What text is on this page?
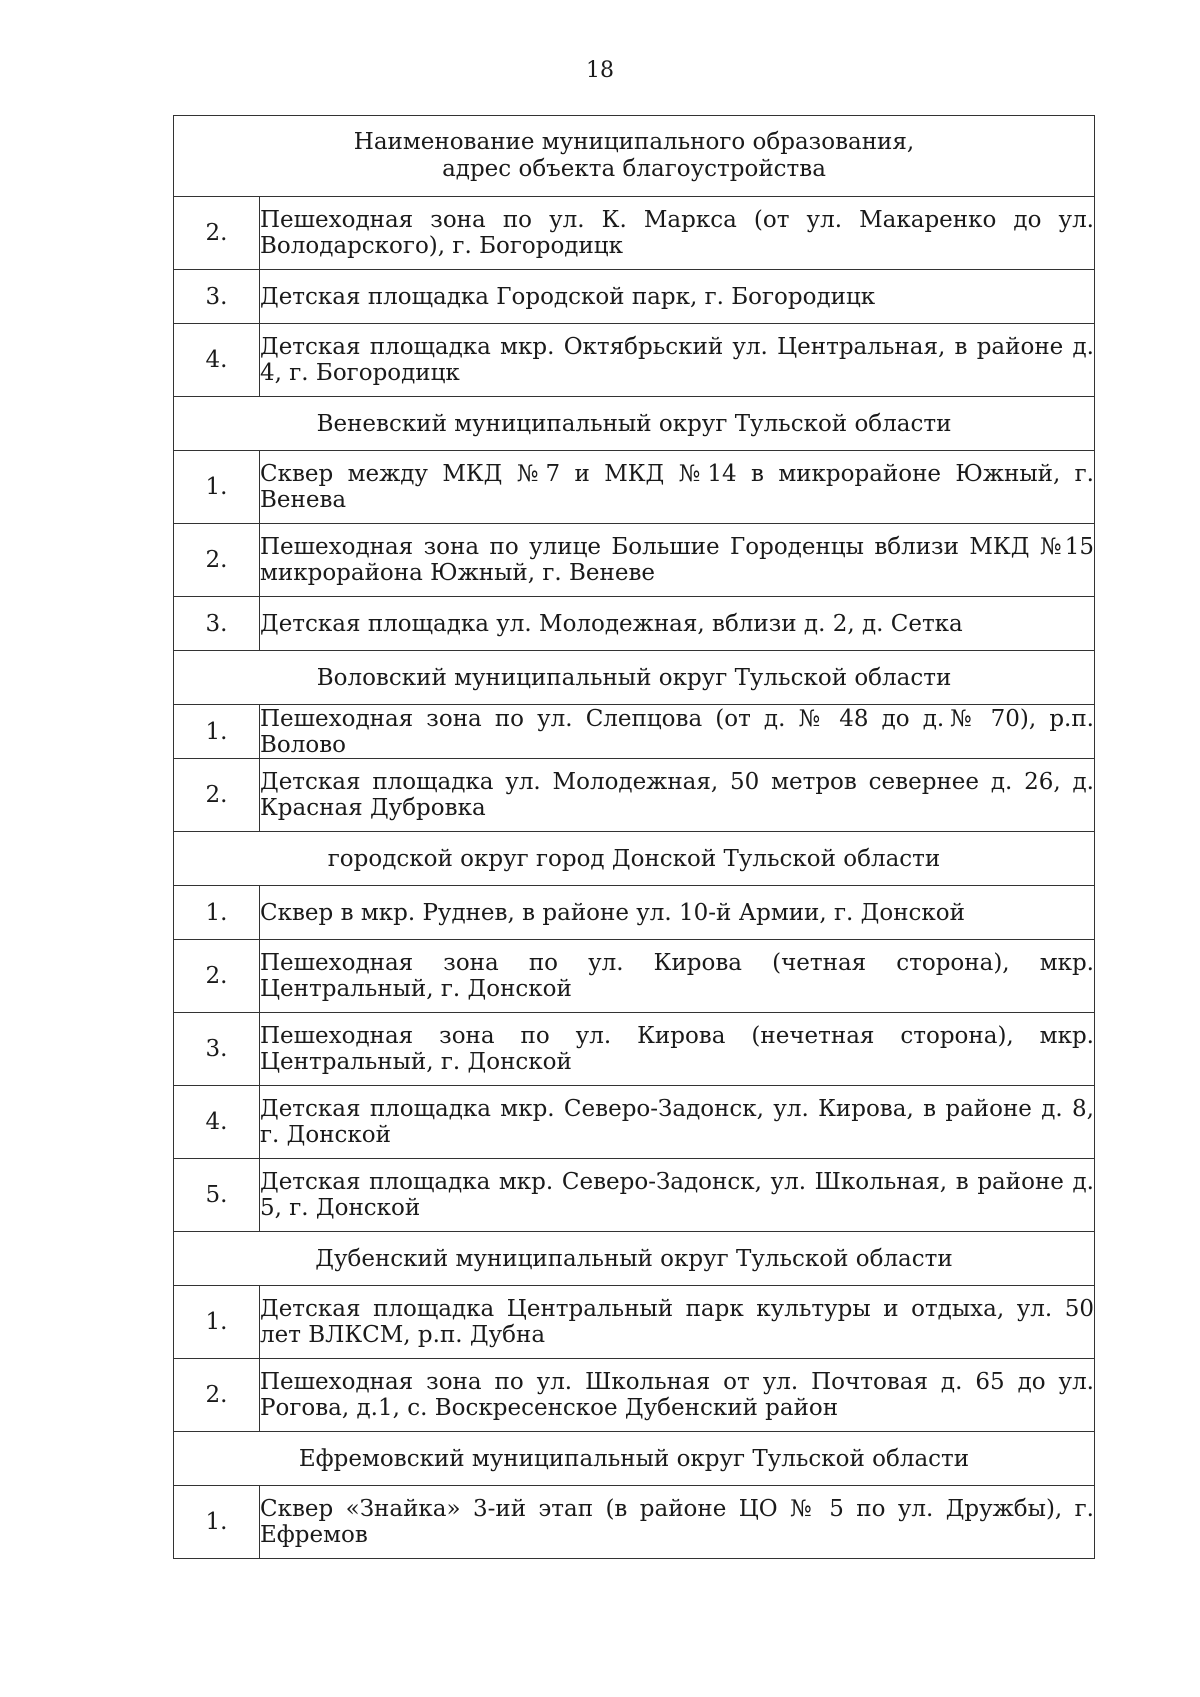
18
Наименование муниципального образования,
адрес объекта благоустройства	

2.	Пешеходная зона по ул. К. Маркса (от ул. Макаренко до ул. Володарского), г. Богородицк
3.	Детская площадка Городской парк, г. Богородицк
4.	Детская площадка мкр. Октябрьский ул. Центральная, в районе д. 4, г. Богородицк
Веневский муниципальный округ Тульской области	
1.	Сквер между МКД №7 и МКД №14 в микрорайоне Южный, г. Венева
2.	Пешеходная зона по улице Большие Городенцы вблизи МКД №15 микрорайона Южный, г. Веневе
3.	Детская площадка ул. Молодежная, вблизи д. 2, д. Сетка
Воловский муниципальный округ Тульской области	
1.	Пешеходная зона по ул. Слепцова (от д. № 48 до д.№ 70), р.п. Волово
2.	Детская площадка ул. Молодежная, 50 метров севернее д. 26, д. Красная Дубровка
городской округ город Донской Тульской области	
1.	Сквер в мкр. Руднев, в районе ул. 10-й Армии, г. Донской
2.	Пешеходная зона по ул. Кирова (четная сторона), мкр. Центральный, г. Донской
3.	Пешеходная зона по ул. Кирова (нечетная сторона), мкр. Центральный, г. Донской
4.	Детская площадка мкр. Северо-Задонск, ул. Кирова, в районе д. 8, г. Донской
5.	Детская площадка мкр. Северо-Задонск, ул. Школьная, в районе д. 5, г. Донской
Дубенский муниципальный округ Тульской области	
1.	Детская площадка Центральный парк культуры и отдыха, ул. 50 лет ВЛКСМ, р.п. Дубна
2.	Пешеходная зона по ул. Школьная от ул. Почтовая д. 65 до ул. Рогова, д.1, с. Воскресенское Дубенский район
Ефремовский муниципальный округ Тульской области	
1.	Сквер «Знайка» 3-ий этап (в районе ЦО № 5 по ул. Дружбы), г. Ефремов
